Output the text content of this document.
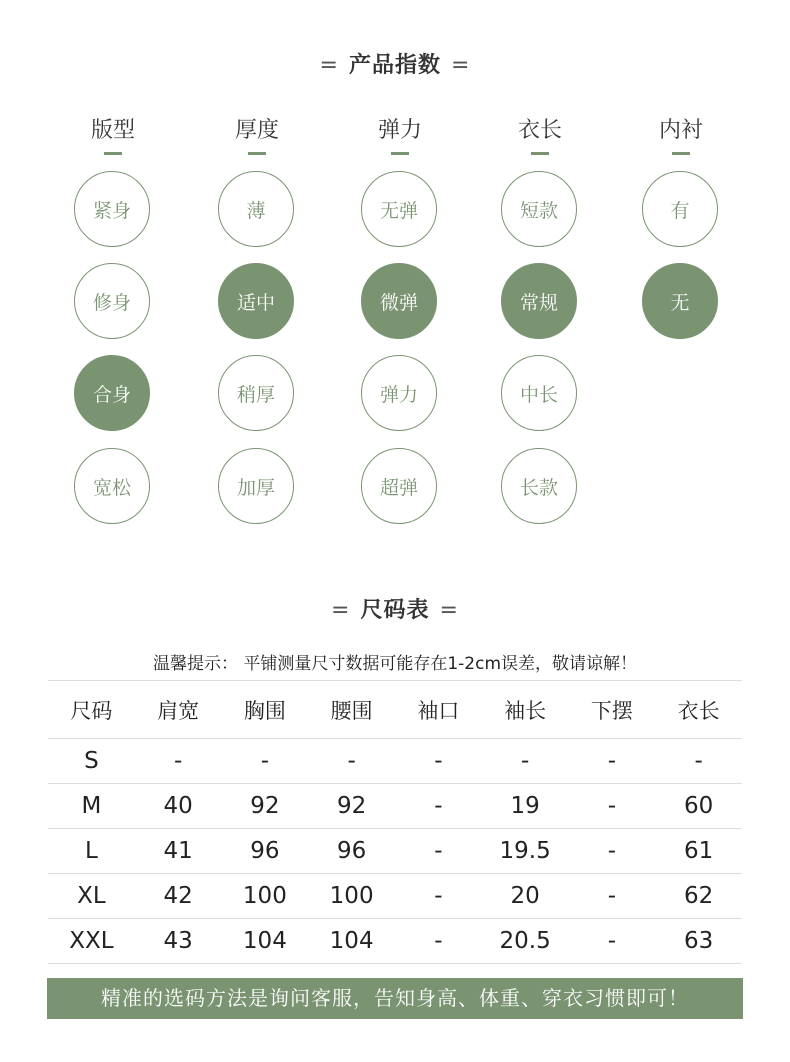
= 产品指数 =
版型
紧身
修身
合身
宽松
厚度
薄
适中
稍厚
加厚
弹力
无弹
微弹
弹力
超弹
衣长
短款
常规
中长
长款
内衬
有
无
= 尺码表 =
温馨提示： 平铺测量尺寸数据可能存在1-2cm误差，敬请谅解！
尺码	肩宽	胸围	腰围	袖口	袖长	下摆	衣长
S	-	-	-	-	-	-	-
M	40	92	92	-	19	-	60
L	41	96	96	-	19.5	-	61
XL	42	100	100	-	20	-	62
XXL	43	104	104	-	20.5	-	63
精准的选码方法是询问客服，告知身高、体重、穿衣习惯即可！
